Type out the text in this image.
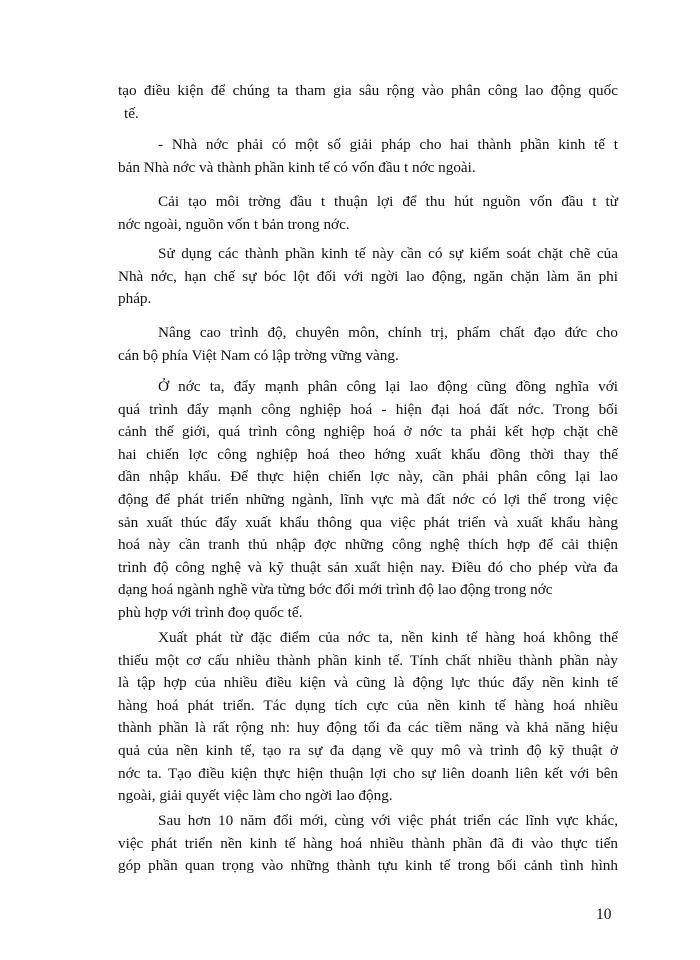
tạo điều kiện để chúng ta tham gia sâu rộng vào phân công lao động quốc
tế.
- Nhà nớc phải có một số giải pháp cho hai thành phần kinh tế t
bản Nhà nớc và thành phần kinh tế có vốn đầu t nớc ngoài.
Cải tạo môi trờng đầu t thuận lợi để thu hút nguồn vốn đầu t từ
nớc ngoài, nguồn vốn t bản trong nớc.
Sử dụng các thành phần kinh tế này cần có sự kiểm soát chặt chẽ của
Nhà nớc, hạn chế sự bóc lột đối với ngời lao động, ngăn chặn làm ăn phi
pháp.
Nâng cao trình độ, chuyên môn, chính trị, phẩm chất đạo đức cho
cán bộ phía Việt Nam có lập trờng vững vàng.
Ở nớc ta, đẩy mạnh phân công lại lao động cũng đồng nghĩa với
quá trình đẩy mạnh công nghiệp hoá - hiện đại hoá đất nớc. Trong bối
cảnh thế giới, quá trình công nghiệp hoá ở nớc ta phải kết hợp chặt chẽ
hai chiến lợc công nghiệp hoá theo hớng xuất khẩu đồng thời thay thế
dần nhập khẩu. Để thực hiện chiến lợc này, cần phải phân công lại lao
động để phát triển những ngành, lĩnh vực mà đất nớc có lợi thế trong việc
sản xuất thúc đẩy xuất khẩu thông qua việc phát triển và xuất khẩu hàng
hoá này cần tranh thủ nhập đợc những công nghệ thích hợp để cải thiện
trình độ công nghệ và kỹ thuật sản xuất hiện nay. Điều đó cho phép vừa đa
dạng hoá ngành nghề vừa từng bớc đổi mới trình độ lao động trong nớc
phù hợp với trình đoọ quốc tế.
Xuất phát từ đặc điểm của nớc ta, nền kinh tế hàng hoá không thể
thiếu một cơ cấu nhiều thành phần kinh tế. Tính chất nhiều thành phần này
là tập hợp của nhiều điều kiện và cũng là động lực thúc đẩy nền kinh tế
hàng hoá phát triển. Tác dụng tích cực của nền kinh tế hàng hoá nhiều
thành phần là rất rộng nh: huy động tối đa các tiềm năng và khả năng hiệu
quả của nền kinh tế, tạo ra sự đa dạng về quy mô và trình độ kỹ thuật ở
nớc ta. Tạo điều kiện thực hiện thuận lợi cho sự liên doanh liên kết với bên
ngoài, giải quyết việc làm cho ngời lao động.
Sau hơn 10 năm đổi mới, cùng với việc phát triển các lĩnh vực khác,
việc phát triển nền kinh tế hàng hoá nhiều thành phần đã đi vào thực tiến
góp phần quan trọng vào những thành tựu kinh tế trong bối cảnh tình hình
10
